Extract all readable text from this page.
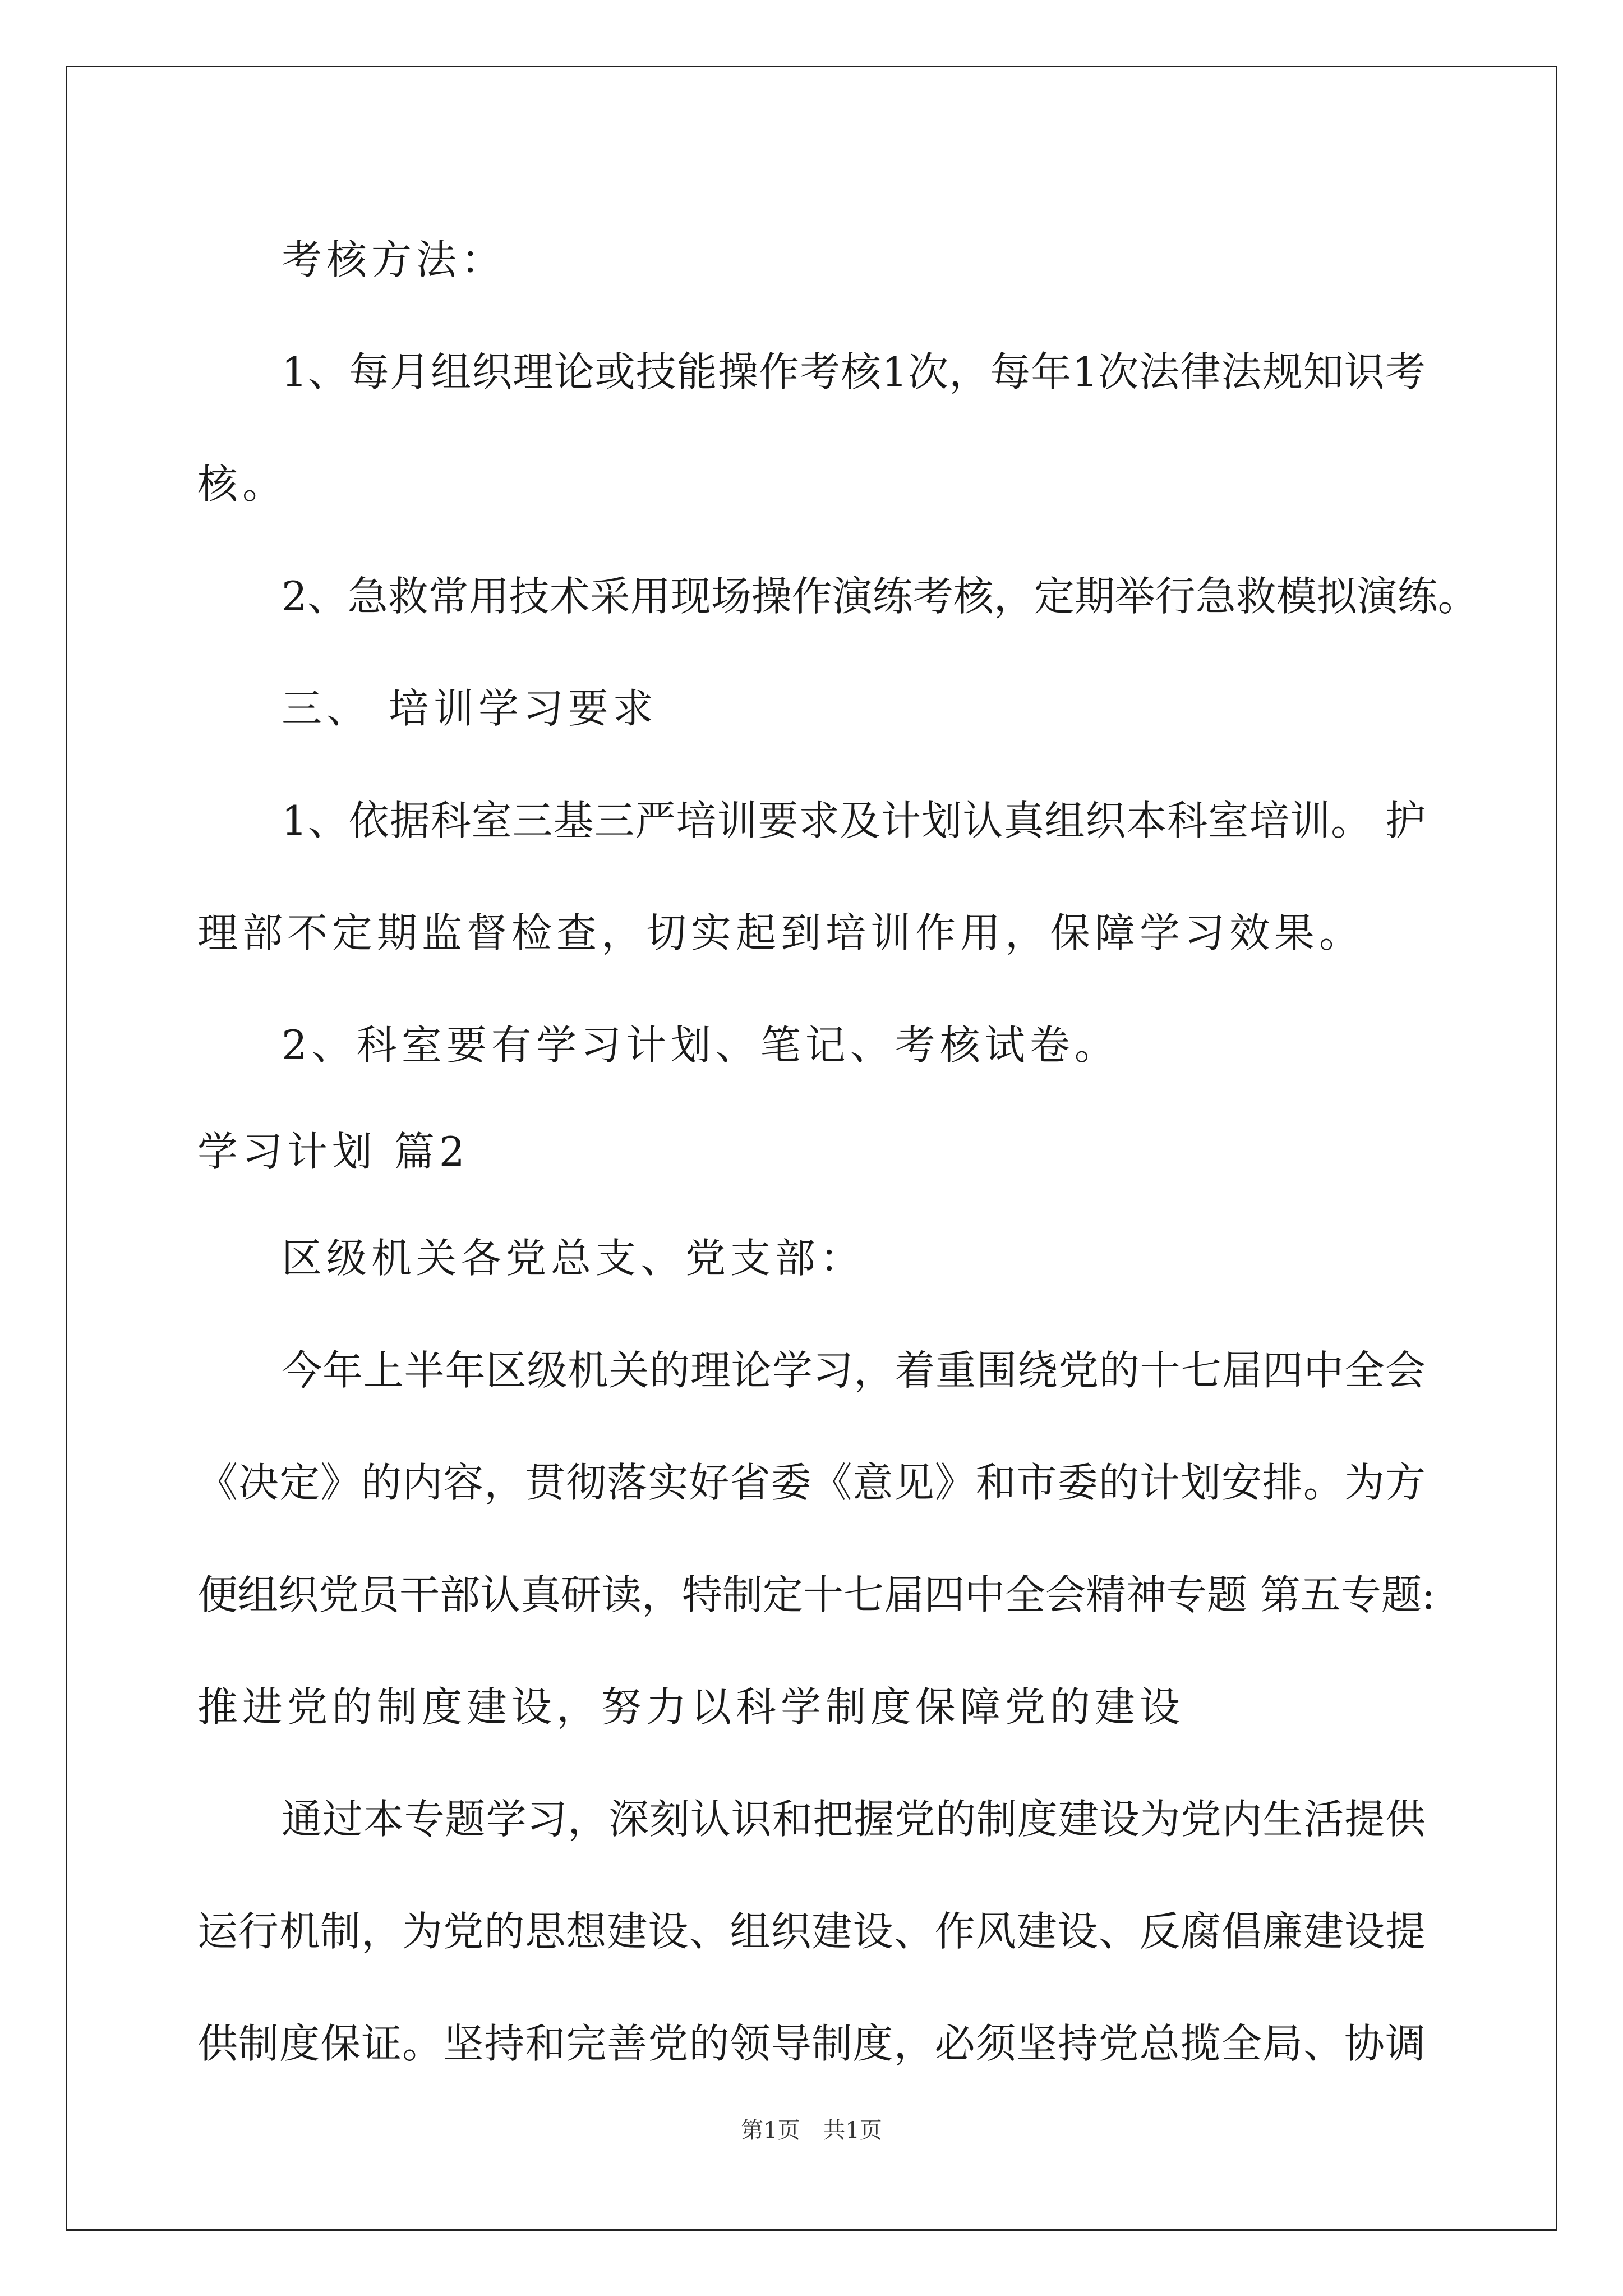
考核方法：
1、每月组织理论或技能操作考核1次，每年1次法律法规知识考
核。
2、急救常用技术采用现场操作演练考核，定期举行急救模拟演练。
三、 培训学习要求
1、依据科室三基三严培训要求及计划认真组织本科室培训。 护
理部不定期监督检查，切实起到培训作用，保障学习效果。
2、科室要有学习计划、笔记、考核试卷。
学习计划 篇2
区级机关各党总支、党支部：
今年上半年区级机关的理论学习，着重围绕党的十七届四中全会
《决定》的内容，贯彻落实好省委《意见》和市委的计划安排。为方
便组织党员干部认真研读，特制定十七届四中全会精神专题 第五专题:
推进党的制度建设，努力以科学制度保障党的建设
通过本专题学习，深刻认识和把握党的制度建设为党内生活提供
运行机制，为党的思想建设、组织建设、作风建设、反腐倡廉建设提
供制度保证。坚持和完善党的领导制度，必须坚持党总揽全局、协调
第1页 共1页
